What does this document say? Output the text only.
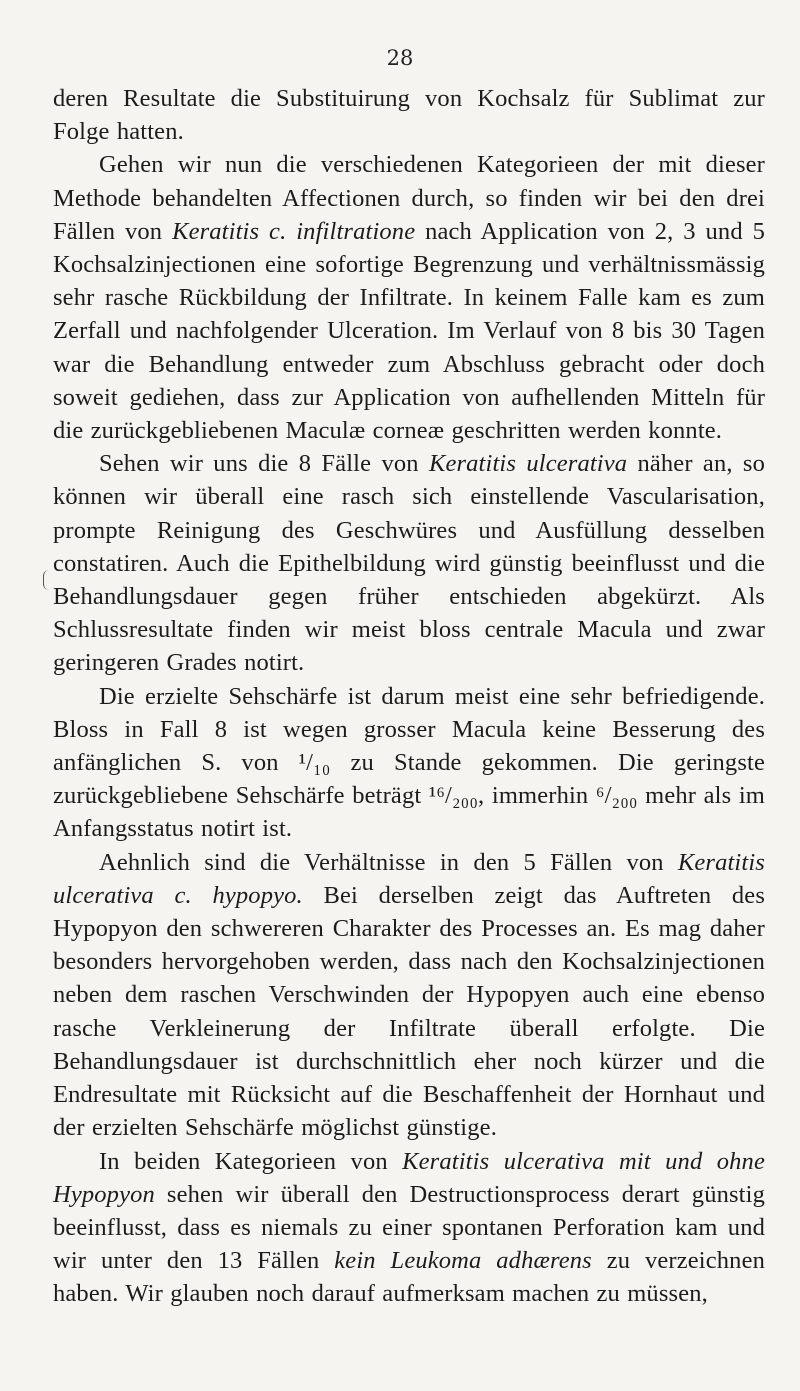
28

deren Resultate die Substituirung von Kochsalz für Sublimat zur Folge hatten.

Gehen wir nun die verschiedenen Kategorieen der mit dieser Methode behandelten Affectionen durch, so finden wir bei den drei Fällen von Keratitis c. infiltratione nach Application von 2, 3 und 5 Kochsalzinjectionen eine sofortige Begrenzung und verhältnissmässig sehr rasche Rückbildung der Infiltrate. In keinem Falle kam es zum Zerfall und nachfolgender Ulceration. Im Verlauf von 8 bis 30 Tagen war die Behandlung entweder zum Abschluss gebracht oder doch soweit gediehen, dass zur Application von aufhellenden Mitteln für die zurückgebliebenen Maculæ corneæ geschritten werden konnte.

Sehen wir uns die 8 Fälle von Keratitis ulcerativa näher an, so können wir überall eine rasch sich einstellende Vascularisation, prompte Reinigung des Geschwüres und Ausfüllung desselben constatiren. Auch die Epithelbildung wird günstig beeinflusst und die Behandlungsdauer gegen früher entschieden abgekürzt. Als Schlussresultate finden wir meist bloss centrale Macula und zwar geringeren Grades notirt.

Die erzielte Sehschärfe ist darum meist eine sehr befriedigende. Bloss in Fall 8 ist wegen grosser Macula keine Besserung des anfänglichen S. von ¹/₁₀ zu Stande gekommen. Die geringste zurückgebliebene Sehschärfe beträgt ¹⁶/₂₀₀, immerhin ⁶/₂₀₀ mehr als im Anfangsstatus notirt ist.

Aehnlich sind die Verhältnisse in den 5 Fällen von Keratitis ulcerativa c. hypopyo. Bei derselben zeigt das Auftreten des Hypopyon den schwereren Charakter des Processes an. Es mag daher besonders hervorgehoben werden, dass nach den Kochsalzinjectionen neben dem raschen Verschwinden der Hypopyen auch eine ebenso rasche Verkleinerung der Infiltrate überall erfolgte. Die Behandlungsdauer ist durchschnittlich eher noch kürzer und die Endresultate mit Rücksicht auf die Beschaffenheit der Hornhaut und der erzielten Sehschärfe möglichst günstige.

In beiden Kategorieen von Keratitis ulcerativa mit und ohne Hypopyon sehen wir überall den Destructionsprocess derart günstig beeinflusst, dass es niemals zu einer spontanen Perforation kam und wir unter den 13 Fällen kein Leukoma adhærens zu verzeichnen haben. Wir glauben noch darauf aufmerksam machen zu müssen,
